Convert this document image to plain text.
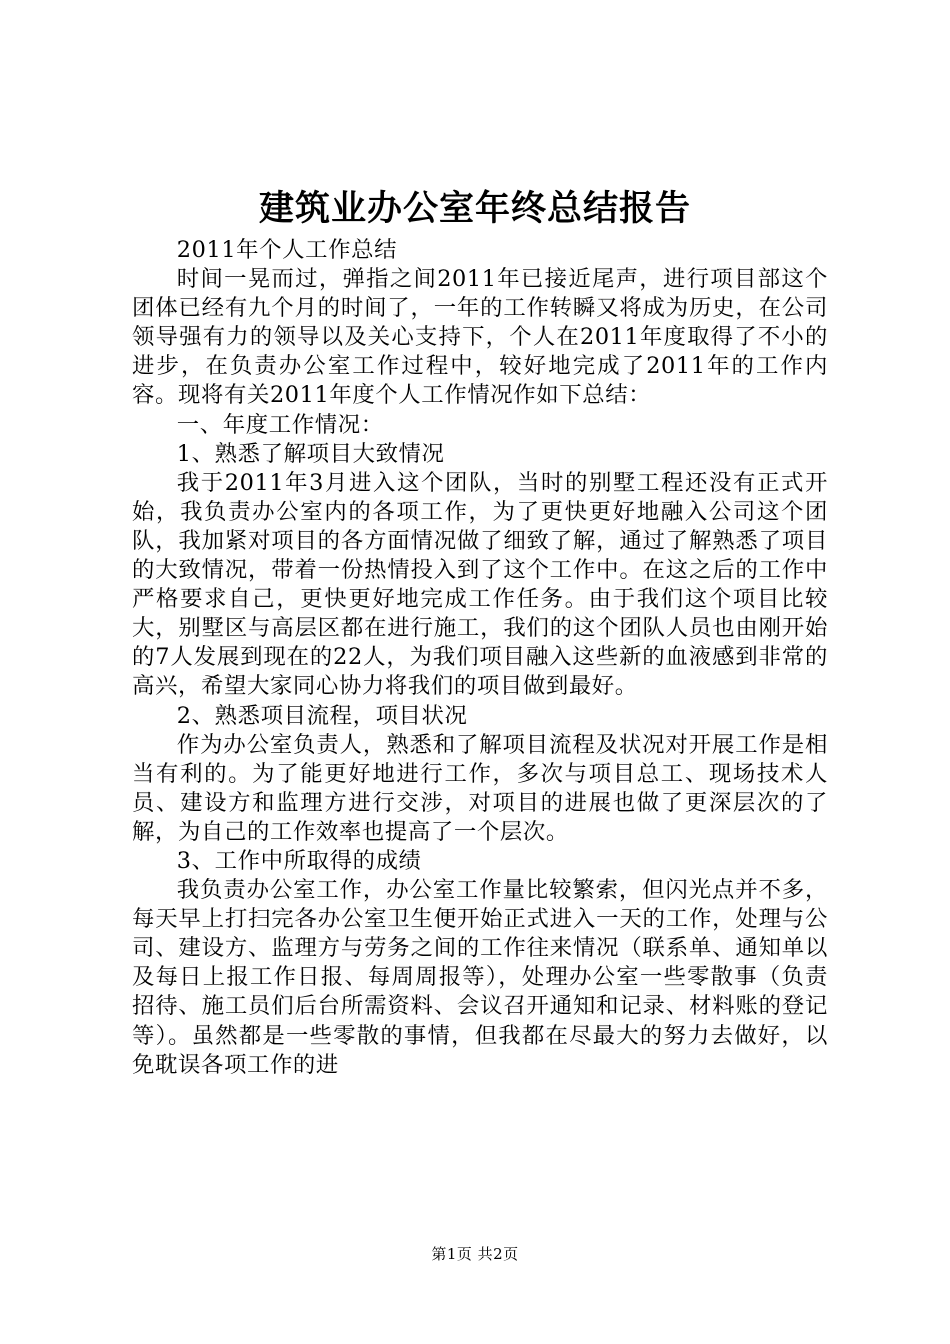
建筑业办公室年终总结报告

2011年个人工作总结

时间一晃而过，弹指之间2011年已接近尾声，进行项目部这个团体已经有九个月的时间了，一年的工作转瞬又将成为历史，在公司领导强有力的领导以及关心支持下，个人在2011年度取得了不小的进步，在负责办公室工作过程中，较好地完成了2011年的工作内容。现将有关2011年度个人工作情况作如下总结：

一、年度工作情况：

1、熟悉了解项目大致情况

我于2011年3月进入这个团队，当时的别墅工程还没有正式开始，我负责办公室内的各项工作，为了更快更好地融入公司这个团队，我加紧对项目的各方面情况做了细致了解，通过了解熟悉了项目的大致情况，带着一份热情投入到了这个工作中。在这之后的工作中严格要求自己，更快更好地完成工作任务。由于我们这个项目比较大，别墅区与高层区都在进行施工，我们的这个团队人员也由刚开始的7人发展到现在的22人，为我们项目融入这些新的血液感到非常的高兴，希望大家同心协力将我们的项目做到最好。

2、熟悉项目流程，项目状况

作为办公室负责人，熟悉和了解项目流程及状况对开展工作是相当有利的。为了能更好地进行工作，多次与项目总工、现场技术人员、建设方和监理方进行交涉，对项目的进展也做了更深层次的了解，为自己的工作效率也提高了一个层次。

3、工作中所取得的成绩

我负责办公室工作，办公室工作量比较繁索，但闪光点并不多，每天早上打扫完各办公室卫生便开始正式进入一天的工作，处理与公司、建设方、监理方与劳务之间的工作往来情况（联系单、通知单以及每日上报工作日报、每周周报等），处理办公室一些零散事（负责招待、施工员们后台所需资料、会议召开通知和记录、材料账的登记等）。虽然都是一些零散的事情，但我都在尽最大的努力去做好，以免耽误各项工作的进

第1页 共2页
